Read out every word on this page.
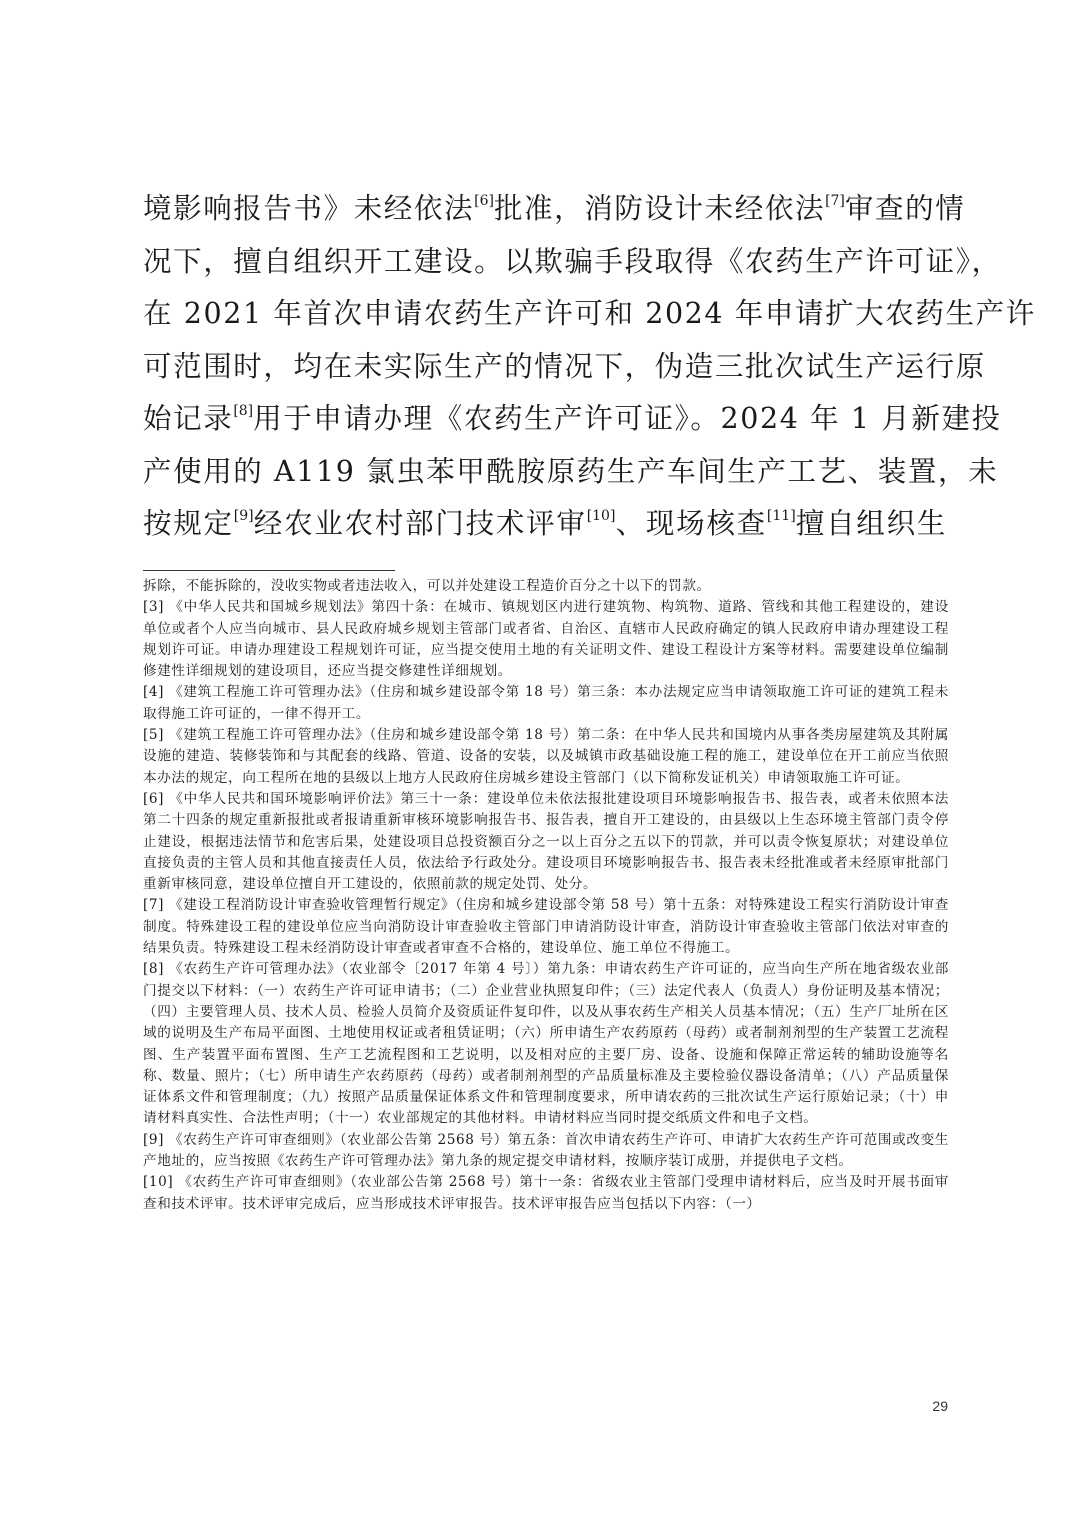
境影响报告书》未经依法[6]批准，消防设计未经依法[7]审查的情
况下，擅自组织开工建设。以欺骗手段取得《农药生产许可证》，
在 2021 年首次申请农药生产许可和 2024 年申请扩大农药生产许
可范围时，均在未实际生产的情况下，伪造三批次试生产运行原
始记录[8]用于申请办理《农药生产许可证》。2024 年 1 月新建投
产使用的 A119 氯虫苯甲酰胺原药生产车间生产工艺、装置，未
按规定[9]经农业农村部门技术评审[10]、现场核查[11]擅自组织生

拆除，不能拆除的，没收实物或者违法收入，可以并处建设工程造价百分之十以下的罚款。

[3] 《中华人民共和国城乡规划法》第四十条：在城市、镇规划区内进行建筑物、构筑物、道路、管线和其他工程建设的，建设单位或者个人应当向城市、县人民政府城乡规划主管部门或者省、自治区、直辖市人民政府确定的镇人民政府申请办理建设工程规划许可证。申请办理建设工程规划许可证，应当提交使用土地的有关证明文件、建设工程设计方案等材料。需要建设单位编制修建性详细规划的建设项目，还应当提交修建性详细规划。

[4] 《建筑工程施工许可管理办法》（住房和城乡建设部令第 18 号）第三条：本办法规定应当申请领取施工许可证的建筑工程未取得施工许可证的，一律不得开工。

[5] 《建筑工程施工许可管理办法》（住房和城乡建设部令第 18 号）第二条：在中华人民共和国境内从事各类房屋建筑及其附属设施的建造、装修装饰和与其配套的线路、管道、设备的安装，以及城镇市政基础设施工程的施工，建设单位在开工前应当依照本办法的规定，向工程所在地的县级以上地方人民政府住房城乡建设主管部门（以下简称发证机关）申请领取施工许可证。

[6] 《中华人民共和国环境影响评价法》第三十一条：建设单位未依法报批建设项目环境影响报告书、报告表，或者未依照本法第二十四条的规定重新报批或者报请重新审核环境影响报告书、报告表，擅自开工建设的，由县级以上生态环境主管部门责令停止建设，根据违法情节和危害后果，处建设项目总投资额百分之一以上百分之五以下的罚款，并可以责令恢复原状；对建设单位直接负责的主管人员和其他直接责任人员，依法给予行政处分。建设项目环境影响报告书、报告表未经批准或者未经原审批部门重新审核同意，建设单位擅自开工建设的，依照前款的规定处罚、处分。

[7] 《建设工程消防设计审查验收管理暂行规定》（住房和城乡建设部令第 58 号）第十五条：对特殊建设工程实行消防设计审查制度。特殊建设工程的建设单位应当向消防设计审查验收主管部门申请消防设计审查，消防设计审查验收主管部门依法对审查的结果负责。特殊建设工程未经消防设计审查或者审查不合格的，建设单位、施工单位不得施工。

[8] 《农药生产许可管理办法》（农业部令〔2017 年第 4 号〕）第九条：申请农药生产许可证的，应当向生产所在地省级农业部门提交以下材料：（一）农药生产许可证申请书；（二）企业营业执照复印件；（三）法定代表人（负责人）身份证明及基本情况；（四）主要管理人员、技术人员、检验人员简介及资质证件复印件，以及从事农药生产相关人员基本情况；（五）生产厂址所在区域的说明及生产布局平面图、土地使用权证或者租赁证明；（六）所申请生产农药原药（母药）或者制剂剂型的生产装置工艺流程图、生产装置平面布置图、生产工艺流程图和工艺说明，以及相对应的主要厂房、设备、设施和保障正常运转的辅助设施等名称、数量、照片；（七）所申请生产农药原药（母药）或者制剂剂型的产品质量标准及主要检验仪器设备清单；（八）产品质量保证体系文件和管理制度；（九）按照产品质量保证体系文件和管理制度要求，所申请农药的三批次试生产运行原始记录；（十）申请材料真实性、合法性声明；（十一）农业部规定的其他材料。申请材料应当同时提交纸质文件和电子文档。

[9] 《农药生产许可审查细则》（农业部公告第 2568 号）第五条：首次申请农药生产许可、申请扩大农药生产许可范围或改变生产地址的，应当按照《农药生产许可管理办法》第九条的规定提交申请材料，按顺序装订成册，并提供电子文档。

[10] 《农药生产许可审查细则》（农业部公告第 2568 号）第十一条：省级农业主管部门受理申请材料后，应当及时开展书面审查和技术评审。技术评审完成后，应当形成技术评审报告。技术评审报告应当包括以下内容：（一）

29
